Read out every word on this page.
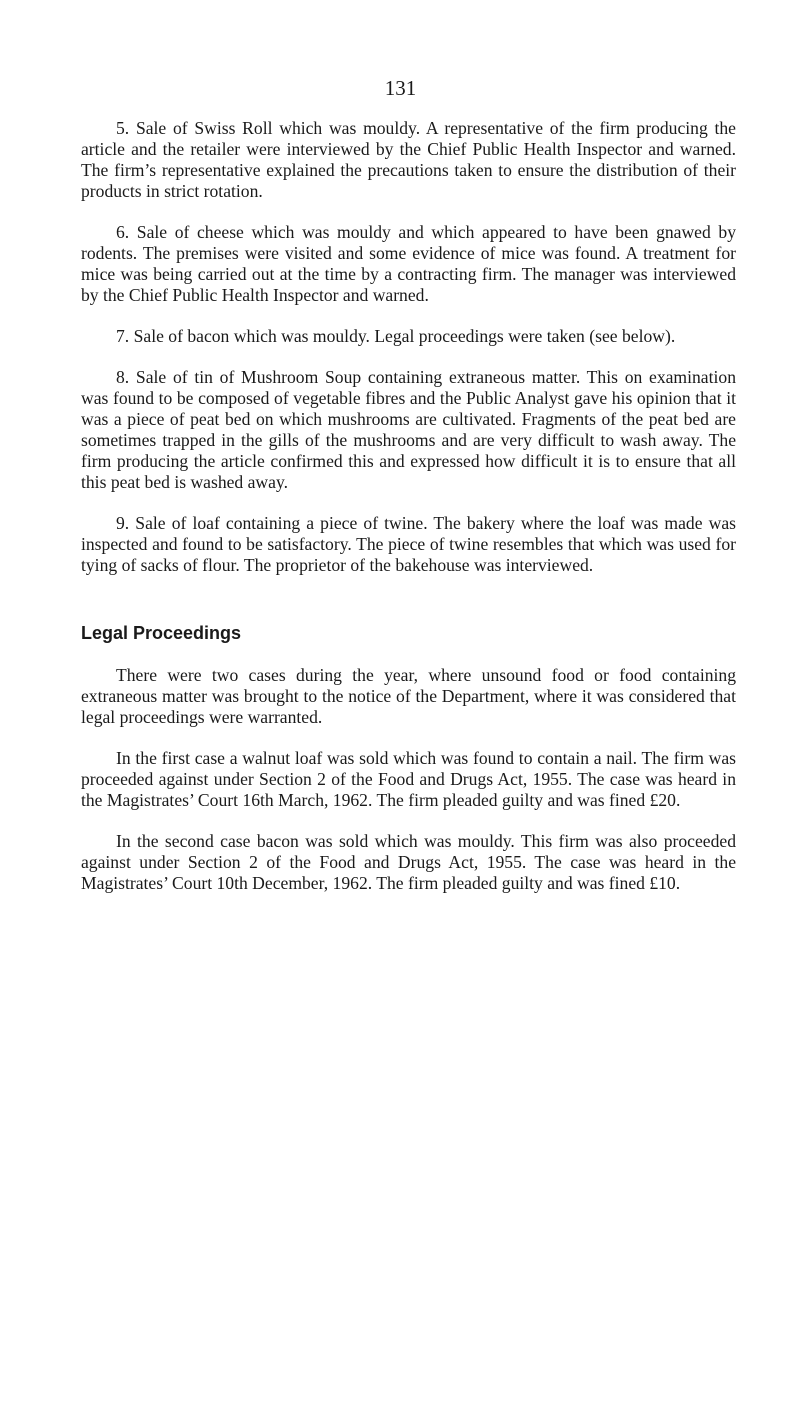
131

5. Sale of Swiss Roll which was mouldy. A representative of the firm producing the article and the retailer were interviewed by the Chief Public Health Inspector and warned. The firm’s representative explained the precautions taken to ensure the distribution of their products in strict rotation.

6. Sale of cheese which was mouldy and which appeared to have been gnawed by rodents. The premises were visited and some evidence of mice was found. A treatment for mice was being carried out at the time by a contracting firm. The manager was interviewed by the Chief Public Health Inspector and warned.

7. Sale of bacon which was mouldy. Legal proceedings were taken (see below).

8. Sale of tin of Mushroom Soup containing extraneous matter. This on examination was found to be composed of vegetable fibres and the Public Analyst gave his opinion that it was a piece of peat bed on which mushrooms are cultivated. Fragments of the peat bed are sometimes trapped in the gills of the mushrooms and are very difficult to wash away. The firm producing the article confirmed this and expressed how difficult it is to ensure that all this peat bed is washed away.

9. Sale of loaf containing a piece of twine. The bakery where the loaf was made was inspected and found to be satisfactory. The piece of twine resembles that which was used for tying of sacks of flour. The proprietor of the bakehouse was interviewed.

Legal Proceedings

There were two cases during the year, where unsound food or food containing extraneous matter was brought to the notice of the Department, where it was considered that legal proceedings were warranted.

In the first case a walnut loaf was sold which was found to contain a nail. The firm was proceeded against under Section 2 of the Food and Drugs Act, 1955. The case was heard in the Magistrates’ Court 16th March, 1962. The firm pleaded guilty and was fined £20.

In the second case bacon was sold which was mouldy. This firm was also proceeded against under Section 2 of the Food and Drugs Act, 1955. The case was heard in the Magistrates’ Court 10th December, 1962. The firm pleaded guilty and was fined £10.
